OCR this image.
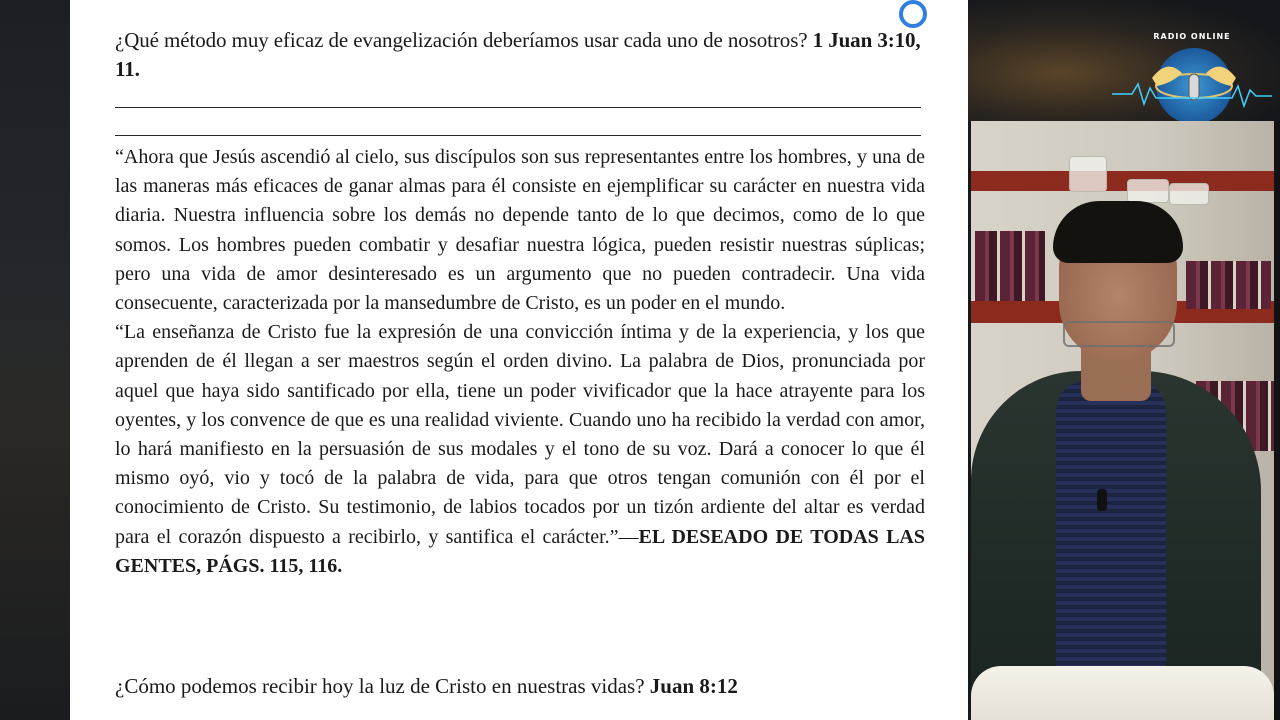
¿Qué método muy eficaz de evangelización deberíamos usar cada uno de nosotros? 1 Juan 3:10, 11.

“Ahora que Jesús ascendió al cielo, sus discípulos son sus representantes entre los hombres, y una de las maneras más eficaces de ganar almas para él consiste en ejemplificar su carácter en nuestra vida diaria. Nuestra influencia sobre los demás no depende tanto de lo que decimos, como de lo que somos. Los hombres pueden combatir y desafiar nuestra lógica, pueden resistir nuestras súplicas; pero una vida de amor desinteresado es un argumento que no pueden contradecir. Una vida consecuente, caracterizada por la mansedumbre de Cristo, es un poder en el mundo.

“La enseñanza de Cristo fue la expresión de una convicción íntima y de la experiencia, y los que aprenden de él llegan a ser maestros según el orden divino. La palabra de Dios, pronunciada por aquel que haya sido santificado por ella, tiene un poder vivificador que la hace atrayente para los oyentes, y los convence de que es una realidad viviente. Cuando uno ha recibido la verdad con amor, lo hará manifiesto en la persuasión de sus modales y el tono de su voz. Dará a conocer lo que él mismo oyó, vio y tocó de la palabra de vida, para que otros tengan comunión con él por el conocimiento de Cristo. Su testimonio, de labios tocados por un tizón ardiente del altar es verdad para el corazón dispuesto a recibirlo, y santifica el carácter.”—EL DESEADO DE TODAS LAS GENTES, PÁGS. 115, 116.

¿Cómo podemos recibir hoy la luz de Cristo en nuestras vidas? Juan 8:12
RADIO ONLINE
